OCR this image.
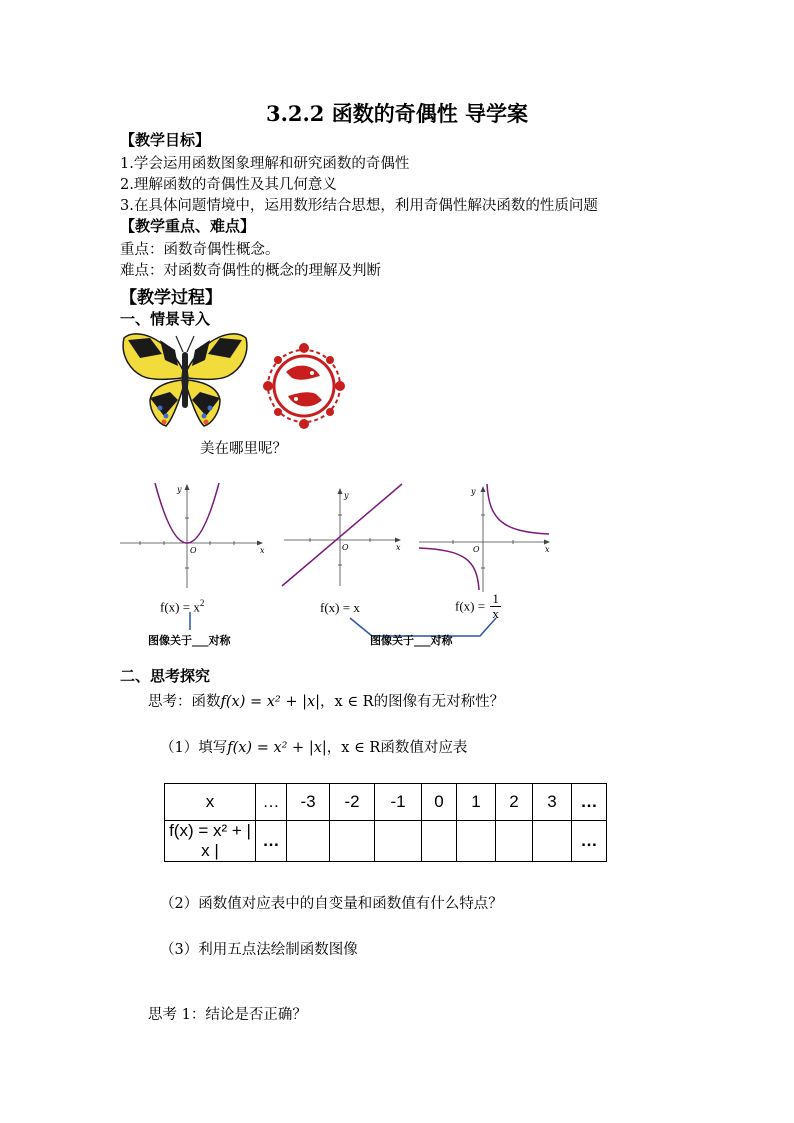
3.2.2 函数的奇偶性 导学案
【教学目标】
1.学会运用函数图象理解和研究函数的奇偶性
2.理解函数的奇偶性及其几何意义
3.在具体问题情境中，运用数形结合思想，利用奇偶性解决函数的性质问题
【教学重点、难点】
重点：函数奇偶性概念。
难点：对函数奇偶性的概念的理解及判断
【教学过程】
一、情景导入
美在哪里呢？
y
x
O
y
x
O
y
x
O
$f(x) = x^2$	f(x) = x	$f(x) = \frac{1}{x}$
图像关于___对称	图像关于___对称
二、思考探究
思考：函数f(x) = x² + |x|，x ∈ R的图像有无对称性？
（1）填写f(x) = x² + |x|，x ∈ R函数值对应表
x	…	-3	-2	-1	0	1	2	3	…
f(x) = x² + | x |	…								…
（2）函数值对应表中的自变量和函数值有什么特点？
（3）利用五点法绘制函数图像
思考 1：结论是否正确？
